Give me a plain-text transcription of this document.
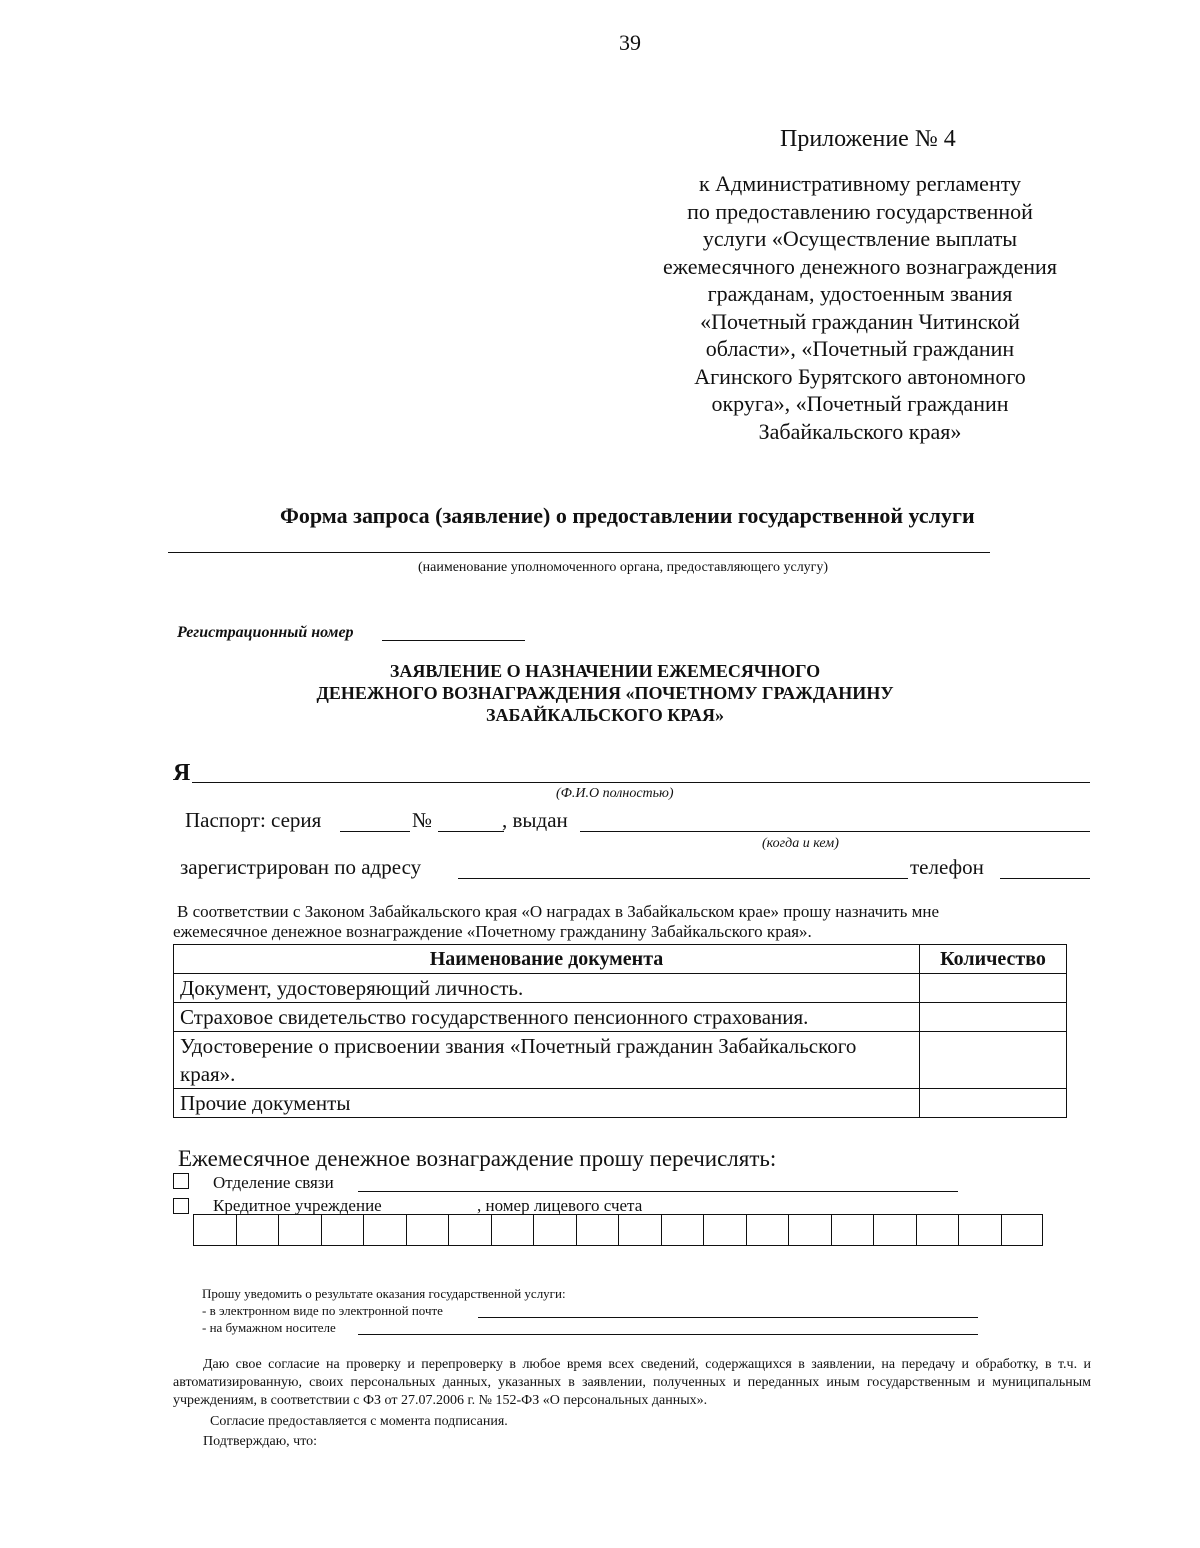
39
Приложение № 4
к Административному регламенту
по предоставлению государственной
услуги «Осуществление выплаты
ежемесячного денежного вознаграждения
гражданам, удостоенным звания
«Почетный гражданин Читинской
области», «Почетный гражданин
Агинского Бурятского автономного
округа», «Почетный гражданин
Забайкальского края»
Форма запроса (заявление) о предоставлении государственной услуги
(наименование уполномоченного органа, предоставляющего услугу)
Регистрационный номер
ЗАЯВЛЕНИЕ О НАЗНАЧЕНИИ ЕЖЕМЕСЯЧНОГО
ДЕНЕЖНОГО ВОЗНАГРАЖДЕНИЯ «ПОЧЕТНОМУ ГРАЖДАНИНУ
ЗАБАЙКАЛЬСКОГО КРАЯ»
Я
(Ф.И.О полностью)
Паспорт: серия	№	, выдан
(когда и кем)
зарегистрирован по адресу	телефон
В соответствии с Законом Забайкальского края «О наградах в Забайкальском крае» прошу назначить мне
ежемесячное денежное вознаграждение «Почетному гражданину Забайкальского края».
Наименование документа	Количество
Документ, удостоверяющий личность.	
Страховое свидетельство государственного пенсионного страхования.	
Удостоверение о присвоении звания «Почетный гражданин Забайкальского края».	
Прочие документы	
Ежемесячное денежное вознаграждение прошу перечислять:
Отделение связи
Кредитное учреждение	, номер лицевого счета
Прошу уведомить о результате оказания государственной услуги:
- в электронном виде по электронной почте
- на бумажном носителе
Даю свое согласие на проверку и перепроверку в любое время всех сведений, содержащихся в заявлении, на передачу и обработку, в т.ч. и автоматизированную, своих персональных данных, указанных в заявлении, полученных и переданных иным государственным и муниципальным учреждениям, в соответствии с ФЗ от 27.07.2006 г. № 152-ФЗ «О персональных данных».
Согласие предоставляется с момента подписания.
Подтверждаю, что:
